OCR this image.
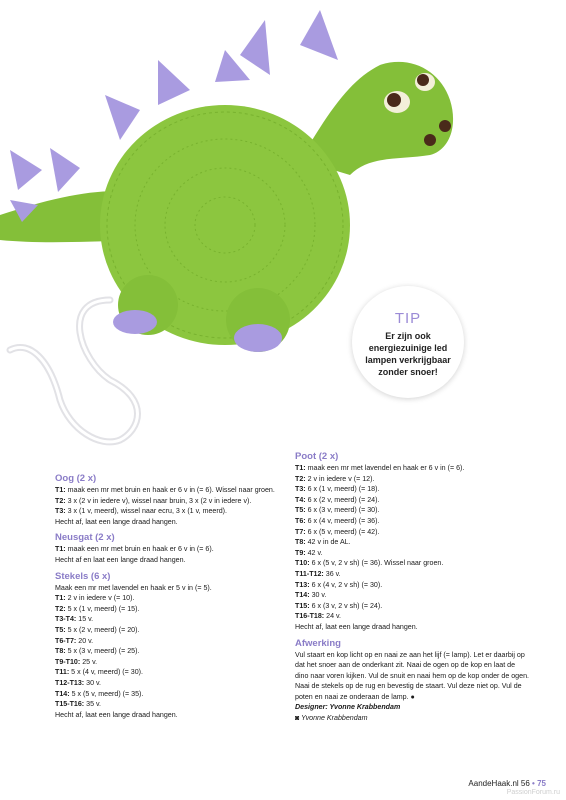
TIP
Er zijn ook energiezuinige led lampen verkrijgbaar zonder snoer!
Oog (2 x)
T1: maak een mr met bruin en haak er 6 v in (= 6). Wissel naar groen.
T2: 3 x (2 v in iedere v), wissel naar bruin, 3 x (2 v in iedere v).
T3: 3 x (1 v, meerd), wissel naar ecru, 3 x (1 v, meerd).
Hecht af, laat een lange draad hangen.
Neusgat (2 x)
T1: maak een mr met bruin en haak er 6 v in (= 6).
Hecht af en laat een lange draad hangen.
Stekels (6 x)
Maak een mr met lavendel en haak er 5 v in (= 5).
T1: 2 v in iedere v (= 10).
T2: 5 x (1 v, meerd) (= 15).
T3-T4: 15 v.
T5: 5 x (2 v, meerd) (= 20).
T6-T7: 20 v.
T8: 5 x (3 v, meerd) (= 25).
T9-T10: 25 v.
T11: 5 x (4 v, meerd) (= 30).
T12-T13: 30 v.
T14: 5 x (5 v, meerd) (= 35).
T15-T16: 35 v.
Hecht af, laat een lange draad hangen.
Poot (2 x)
T1: maak een mr met lavendel en haak er 6 v in (= 6).
T2: 2 v in iedere v (= 12).
T3: 6 x (1 v, meerd) (= 18).
T4: 6 x (2 v, meerd) (= 24).
T5: 6 x (3 v, meerd) (= 30).
T6: 6 x (4 v, meerd) (= 36).
T7: 6 x (5 v, meerd) (= 42).
T8: 42 v in de AL.
T9: 42 v.
T10: 6 x (5 v, 2 v sh) (= 36). Wissel naar groen.
T11-T12: 36 v.
T13: 6 x (4 v, 2 v sh) (= 30).
T14: 30 v.
T15: 6 x (3 v, 2 v sh) (= 24).
T16-T18: 24 v.
Hecht af, laat een lange draad hangen.
Afwerking
Vul staart en kop licht op en naai ze aan het lijf (= lamp). Let er daarbij op dat het snoer aan de onderkant zit. Naai de ogen op de kop en laat de dino naar voren kijken. Vul de snuit en naai hem op de kop onder de ogen. Naai de stekels op de rug en bevestig de staart. Vul deze niet op. Vul de poten en naai ze onderaan de lamp. ●
Designer: Yvonne Krabbendam
◙ Yvonne Krabbendam
AandeHaak.nl 56 • 75
PassionForum.ru
